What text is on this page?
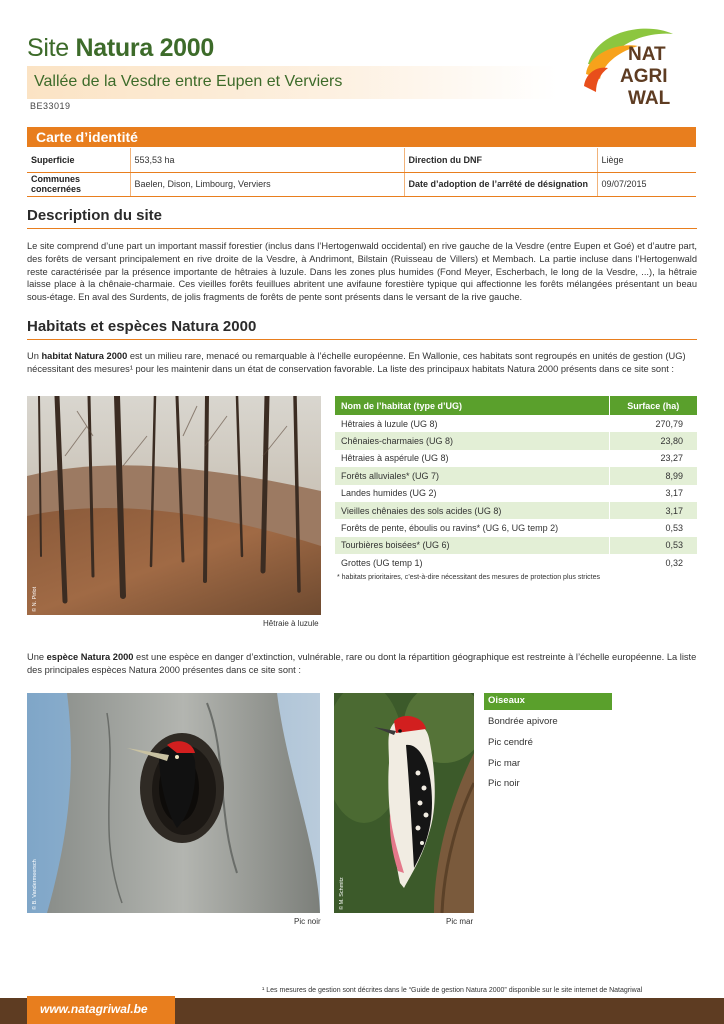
Site Natura 2000
Vallée de la Vesdre entre Eupen et Verviers
BE33019
NAT
AGRI
WAL
Carte d’identité
Superficie	553,53 ha	Direction du DNF	Liège
Communes concernées	Baelen, Dison, Limbourg, Verviers	Date d’adoption de l’arrêté de désignation	09/07/2015
Description du site
Le site comprend d’une part un important massif forestier (inclus dans l’Hertogenwald occidental) en rive gauche de la Vesdre (entre Eupen et Goé) et d’autre part, des forêts de versant principalement en rive droite de la Vesdre, à Andrimont, Bilstain (Ruisseau de Villers) et Membach. La partie incluse dans l’Hertogenwald reste caractérisée par la présence importante de hêtraies à luzule. Dans les zones plus humides (Fond Meyer, Escherbach, le long de la Vesdre, ...), la hêtraie laisse place à la chênaie-charmaie. Ces vieilles forêts feuillues abritent une avifaune forestière typique qui affectionne les forêts mélangées présentant un beau sous-étage. En aval des Surdents, de jolis fragments de forêts de pente sont présents dans le versant de la rive gauche.
Habitats et espèces Natura 2000
Un habitat Natura 2000 est un milieu rare, menacé ou remarquable à l’échelle européenne. En Wallonie, ces habitats sont regroupés en unités de gestion (UG) nécessitant des mesures¹ pour les maintenir dans un état de conservation favorable. La liste des principaux habitats Natura 2000 présents dans ce site sont :
© N. Pirlot
Hêtraie à luzule
Nom de l’habitat (type d’UG)	Surface (ha)
Hêtraies à luzule (UG 8)	270,79
Chênaies-charmaies (UG 8)	23,80
Hêtraies à aspérule (UG 8)	23,27
Forêts alluviales* (UG 7)	8,99
Landes humides (UG 2)	3,17
Vieilles chênaies des sols acides (UG 8)	3,17
Forêts de pente, éboulis ou ravins* (UG 6, UG temp 2)	0,53
Tourbières boisées* (UG 6)	0,53
Grottes (UG temp 1)	0,32
* habitats prioritaires, c’est-à-dire nécessitant des mesures de protection plus strictes
Une espèce Natura 2000 est une espèce en danger d’extinction, vulnérable, rare ou dont la répartition géographique est restreinte à l’échelle européenne. La liste des principales espèces Natura 2000 présentes dans ce site sont :
© B. Vandermeersch
Pic noir
© M. Schmitz
Pic mar
Oiseaux
Bondrée apivore
Pic cendré
Pic mar
Pic noir
¹ Les mesures de gestion sont décrites dans le “Guide de gestion Natura 2000” disponible sur le site internet de Natagriwal
www.natagriwal.be
